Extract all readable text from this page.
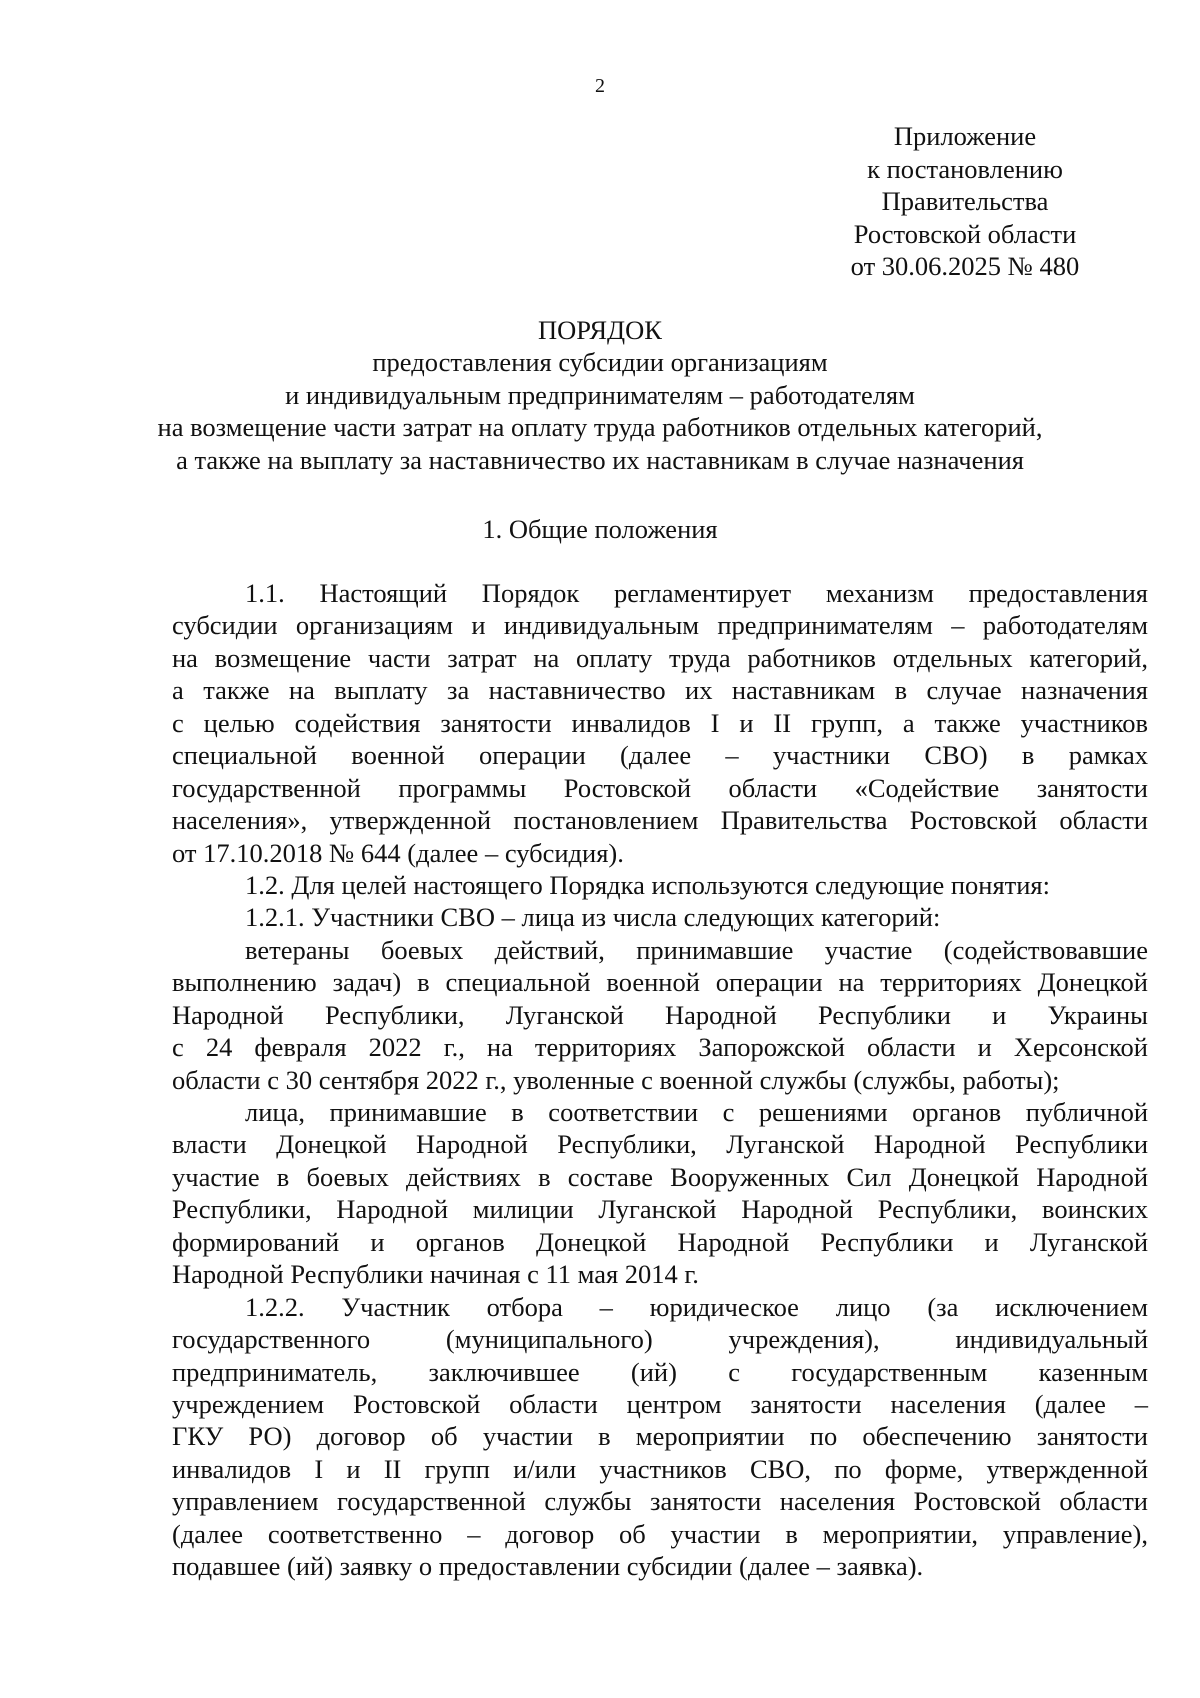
2
Приложение
к постановлению
Правительства
Ростовской области
от 30.06.2025 № 480
ПОРЯДОК
предоставления субсидии организациям
и индивидуальным предпринимателям – работодателям
на возмещение части затрат на оплату труда работников отдельных категорий,
а также на выплату за наставничество их наставникам в случае назначения
1. Общие положения
1.1. Настоящий Порядок регламентирует механизм предоставления
субсидии организациям и индивидуальным предпринимателям – работодателям
на возмещение части затрат на оплату труда работников отдельных категорий,
а также на выплату за наставничество их наставникам в случае назначения
с целью содействия занятости инвалидов I и II групп, а также участников
специальной военной операции (далее – участники СВО) в рамках
государственной программы Ростовской области «Содействие занятости
населения», утвержденной постановлением Правительства Ростовской области
от 17.10.2018 № 644 (далее – субсидия).
1.2. Для целей настоящего Порядка используются следующие понятия:
1.2.1. Участники СВО – лица из числа следующих категорий:
ветераны боевых действий, принимавшие участие (содействовавшие
выполнению задач) в специальной военной операции на территориях Донецкой
Народной Республики, Луганской Народной Республики и Украины
с 24 февраля 2022 г., на территориях Запорожской области и Херсонской
области с 30 сентября 2022 г., уволенные с военной службы (службы, работы);
лица, принимавшие в соответствии с решениями органов публичной
власти Донецкой Народной Республики, Луганской Народной Республики
участие в боевых действиях в составе Вооруженных Сил Донецкой Народной
Республики, Народной милиции Луганской Народной Республики, воинских
формирований и органов Донецкой Народной Республики и Луганской
Народной Республики начиная с 11 мая 2014 г.
1.2.2. Участник отбора – юридическое лицо (за исключением
государственного (муниципального) учреждения), индивидуальный
предприниматель, заключившее (ий) с государственным казенным
учреждением Ростовской области центром занятости населения (далее –
ГКУ РО) договор об участии в мероприятии по обеспечению занятости
инвалидов I и II групп и/или участников СВО, по форме, утвержденной
управлением государственной службы занятости населения Ростовской области
(далее соответственно – договор об участии в мероприятии, управление),
подавшее (ий) заявку о предоставлении субсидии (далее – заявка).
